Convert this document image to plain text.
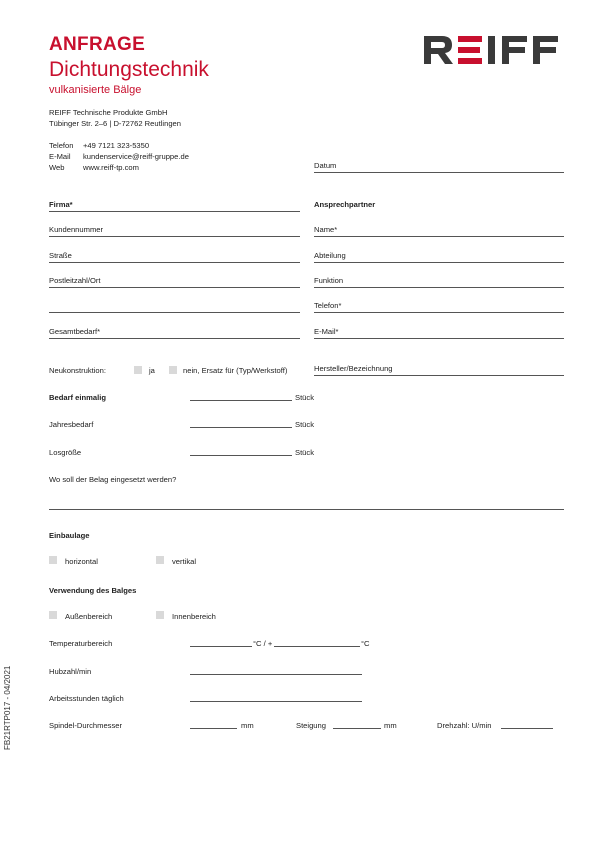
ANFRAGE
Dichtungstechnik
vulkanisierte Bälge
REIFF Technische Produkte GmbH
Tübinger Str. 2–6 | D-72762 Reutlingen
Telefon +49 7121 323-5350
E-Mail kundenservice@reiff-gruppe.de
Web www.reiff-tp.com	Datum
Firma*
Kundennummer
Straße
Postleitzahl/Ort
Gesamtbedarf*
Ansprechpartner
Name*
Abteilung
Funktion
Telefon*
E-Mail*
Neukonstruktion:	ja	nein, Ersatz für (Typ/Werkstoff)	Hersteller/Bezeichnung
Bedarf einmalig	Stück
Jahresbedarf	Stück
Losgröße	Stück
Wo soll der Belag eingesetzt werden?
Einbaulage
horizontal	vertikal
Verwendung des Balges
Außenbereich	Innenbereich
Temperaturbereich	°C / +	°C
Hubzahl/min
Arbeitsstunden täglich
Spindel-Durchmesser	mm	Steigung	mm	Drehzahl: U/min
FB21RTP017 - 04/2021
